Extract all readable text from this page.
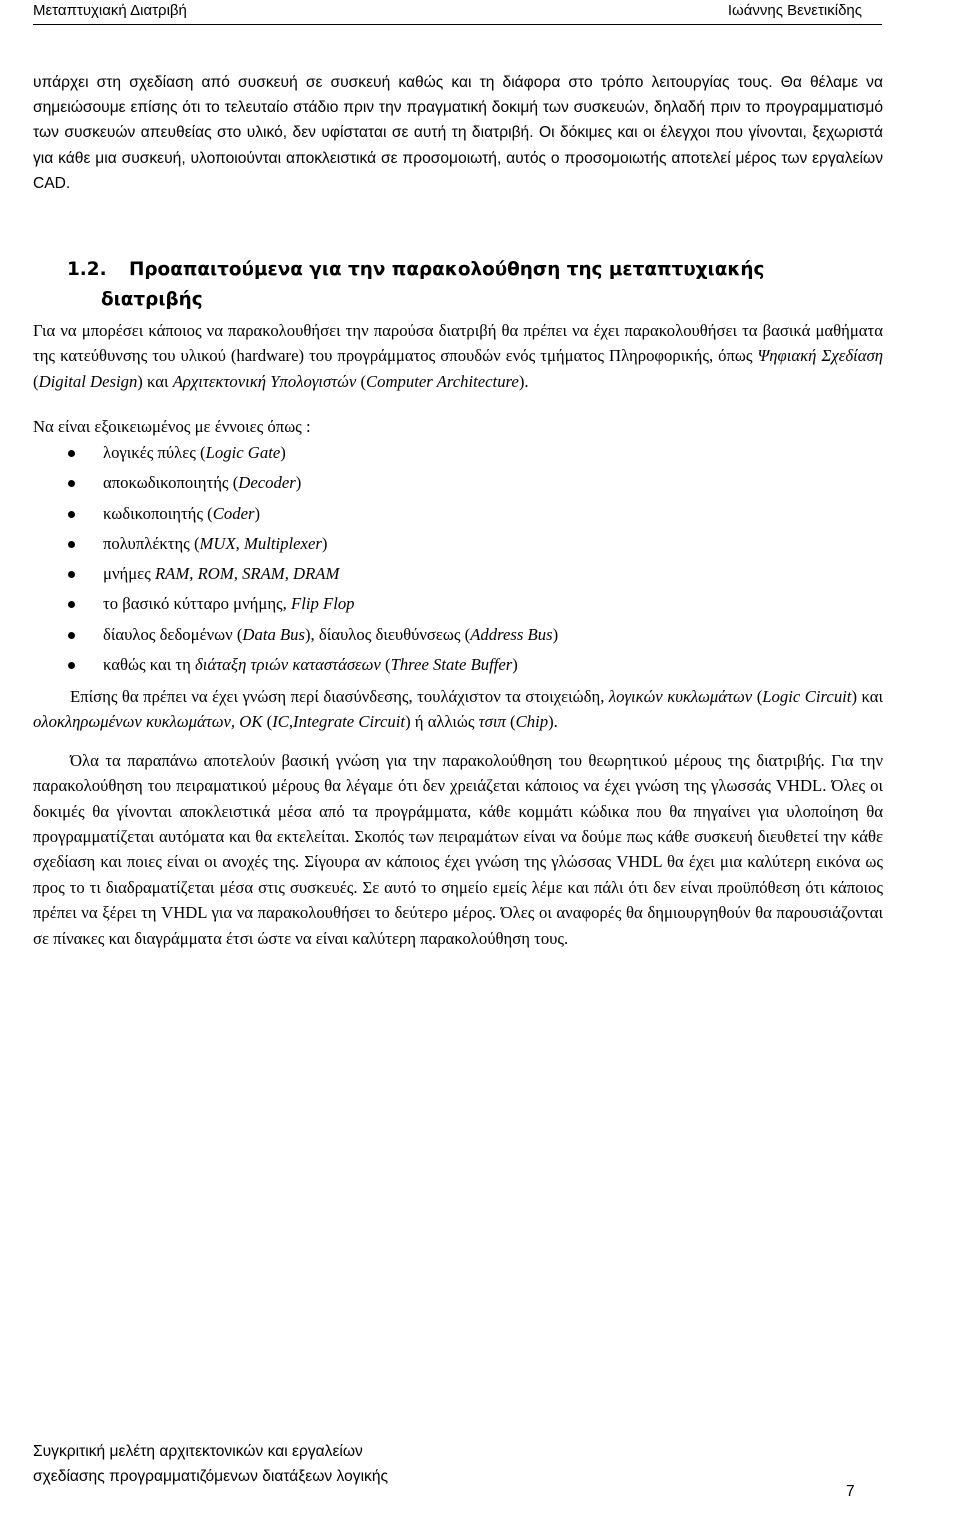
Μεταπτυχιακή Διατριβή	Ιωάννης Βενετικίδης
υπάρχει στη σχεδίαση από συσκευή σε συσκευή καθώς και τη διάφορα στο τρόπο λειτουργίας τους. Θα θέλαμε να σημειώσουμε επίσης ότι το τελευταίο στάδιο πριν την πραγματική δοκιμή των συσκευών, δηλαδή πριν το προγραμματισμό των συσκευών απευθείας στο υλικό, δεν υφίσταται σε αυτή τη διατριβή. Οι δόκιμες και οι έλεγχοι που γίνονται, ξεχωριστά για κάθε μια συσκευή, υλοποιούνται αποκλειστικά σε προσομοιωτή, αυτός ο προσομοιωτής αποτελεί μέρος των εργαλείων CAD.
1.2. Προαπαιτούμενα για την παρακολούθηση της μεταπτυχιακής
διατριβής

Για να μπορέσει κάποιος να παρακολουθήσει την παρούσα διατριβή θα πρέπει να έχει παρακολουθήσει τα βασικά μαθήματα της κατεύθυνσης του υλικού (hardware) του προγράμματος σπουδών ενός τμήματος Πληροφορικής, όπως Ψηφιακή Σχεδίαση (Digital Design) και Αρχιτεκτονική Υπολογιστών (Computer Architecture).

Να είναι εξοικειωμένος με έννοιες όπως :
λογικές πύλες (Logic Gate)
αποκωδικοποιητής (Decoder)
κωδικοποιητής (Coder)
πολυπλέκτης (MUX, Multiplexer)
μνήμες RAM, ROM, SRAM, DRAM
το βασικό κύτταρο μνήμης, Flip Flop
δίαυλος δεδομένων (Data Bus), δίαυλος διευθύνσεως (Address Bus)
καθώς και τη διάταξη τριών καταστάσεων (Three State Buffer)

Επίσης θα πρέπει να έχει γνώση περί διασύνδεσης, τουλάχιστον τα στοιχειώδη, λογικών κυκλωμάτων (Logic Circuit) και ολοκληρωμένων κυκλωμάτων, ΟΚ (IC,Integrate Circuit) ή αλλιώς τσιπ (Chip).

Όλα τα παραπάνω αποτελούν βασική γνώση για την παρακολούθηση του θεωρητικού μέρους της διατριβής. Για την παρακολούθηση του πειραματικού μέρους θα λέγαμε ότι δεν χρειάζεται κάποιος να έχει γνώση της γλωσσάς VHDL. Όλες οι δοκιμές θα γίνονται αποκλειστικά μέσα από τα προγράμματα, κάθε κομμάτι κώδικα που θα πηγαίνει για υλοποίηση θα προγραμματίζεται αυτόματα και θα εκτελείται. Σκοπός των πειραμάτων είναι να δούμε πως κάθε συσκευή διευθετεί την κάθε σχεδίαση και ποιες είναι οι ανοχές της. Σίγουρα αν κάποιος έχει γνώση της γλώσσας VHDL θα έχει μια καλύτερη εικόνα ως προς το τι διαδραματίζεται μέσα στις συσκευές. Σε αυτό το σημείο εμείς λέμε και πάλι ότι δεν είναι προϋπόθεση ότι κάποιος πρέπει να ξέρει τη VHDL για να παρακολουθήσει το δεύτερο μέρος. Όλες οι αναφορές θα δημιουργηθούν θα παρουσιάζονται σε πίνακες και διαγράμματα έτσι ώστε να είναι καλύτερη παρακολούθηση τους.

Συγκριτική μελέτη αρχιτεκτονικών και εργαλείων
σχεδίασης προγραμματιζόμενων διατάξεων λογικής
7
